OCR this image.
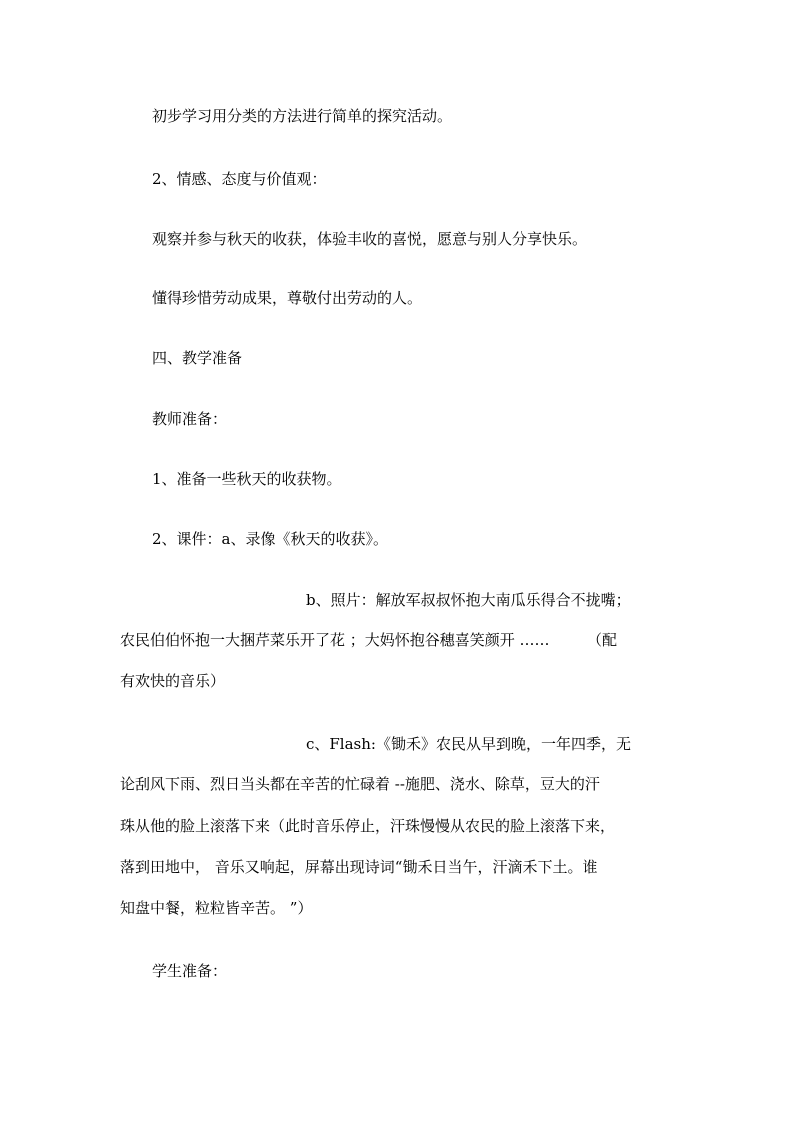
初步学习用分类的方法进行简单的探究活动。
2、情感、态度与价值观：
观察并参与秋天的收获，体验丰收的喜悦，愿意与别人分享快乐。
懂得珍惜劳动成果，尊敬付出劳动的人。
四、教学准备
教师准备：
1、准备一些秋天的收获物。
2、课件：a、录像《秋天的收获》。
b、照片：解放军叔叔怀抱大南瓜乐得合不拢嘴；
农民伯伯怀抱一大捆芹菜乐开了花 ；大妈怀抱谷穗喜笑颜开 ……　　　（配
有欢快的音乐）
c、Flash:《锄禾》农民从早到晚，一年四季，无
论刮风下雨、烈日当头都在辛苦的忙碌着 --施肥、浇水、除草，豆大的汗
珠从他的脸上滚落下来（此时音乐停止，汗珠慢慢从农民的脸上滚落下来，
落到田地中， 音乐又响起，屏幕出现诗词“锄禾日当午，汗滴禾下土。谁
知盘中餐，粒粒皆辛苦。 ”）
学生准备：
